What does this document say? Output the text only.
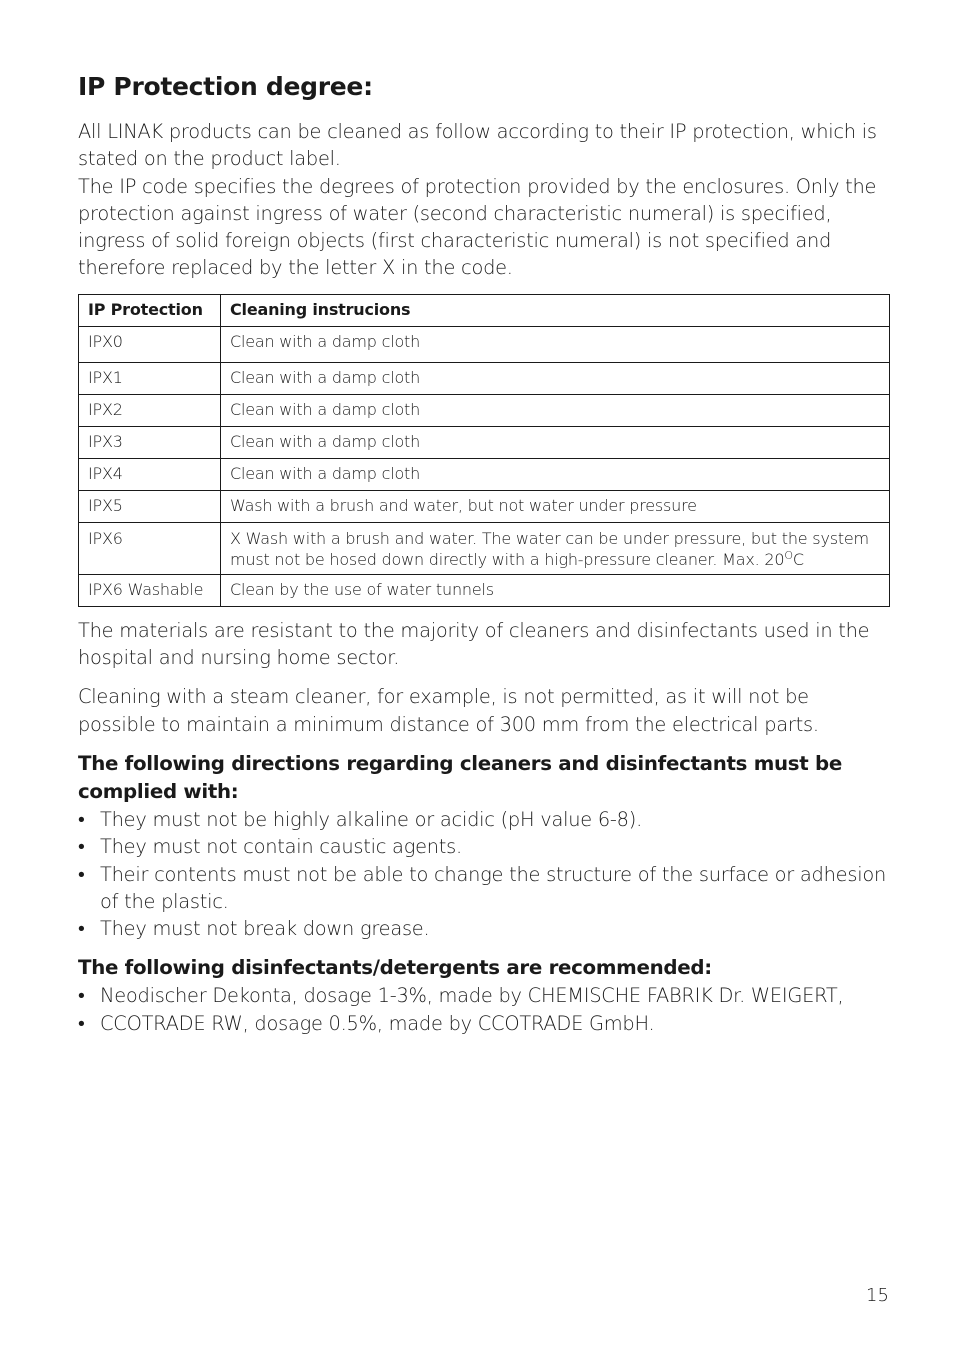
IP Protection degree:

All LINAK products can be cleaned as follow according to their IP protection, which is stated on the product label.

The IP code specifies the degrees of protection provided by the enclosures. Only the protection against ingress of water (second characteristic numeral) is specified, ingress of solid foreign objects (first characteristic numeral) is not specified and therefore replaced by the letter X in the code.

IP Protection	Cleaning instrucions
IPX0	Clean with a damp cloth
IPX1	Clean with a damp cloth
IPX2	Clean with a damp cloth
IPX3	Clean with a damp cloth
IPX4	Clean with a damp cloth
IPX5	Wash with a brush and water, but not water under pressure
IPX6	X Wash with a brush and water. The water can be under pressure, but the system must not be hosed down directly with a high-pressure cleaner. Max. $20^OC$
IPX6 Washable	Clean by the use of water tunnels

The materials are resistant to the majority of cleaners and disinfectants used in the hospital and nursing home sector.

Cleaning with a steam cleaner, for example, is not permitted, as it will not be possible to maintain a minimum distance of 300 mm from the electrical parts.

The following directions regarding cleaners and disinfectants must be complied with:

• They must not be highly alkaline or acidic (pH value 6-8).
• They must not contain caustic agents.
• Their contents must not be able to change the structure of the surface or adhesion of the plastic.
• They must not break down grease.

The following disinfectants/detergents are recommended:

• Neodischer Dekonta, dosage 1-3%, made by CHEMISCHE FABRIK Dr. WEIGERT,
• CCOTRADE RW, dosage 0.5%, made by CCOTRADE GmbH.
15
